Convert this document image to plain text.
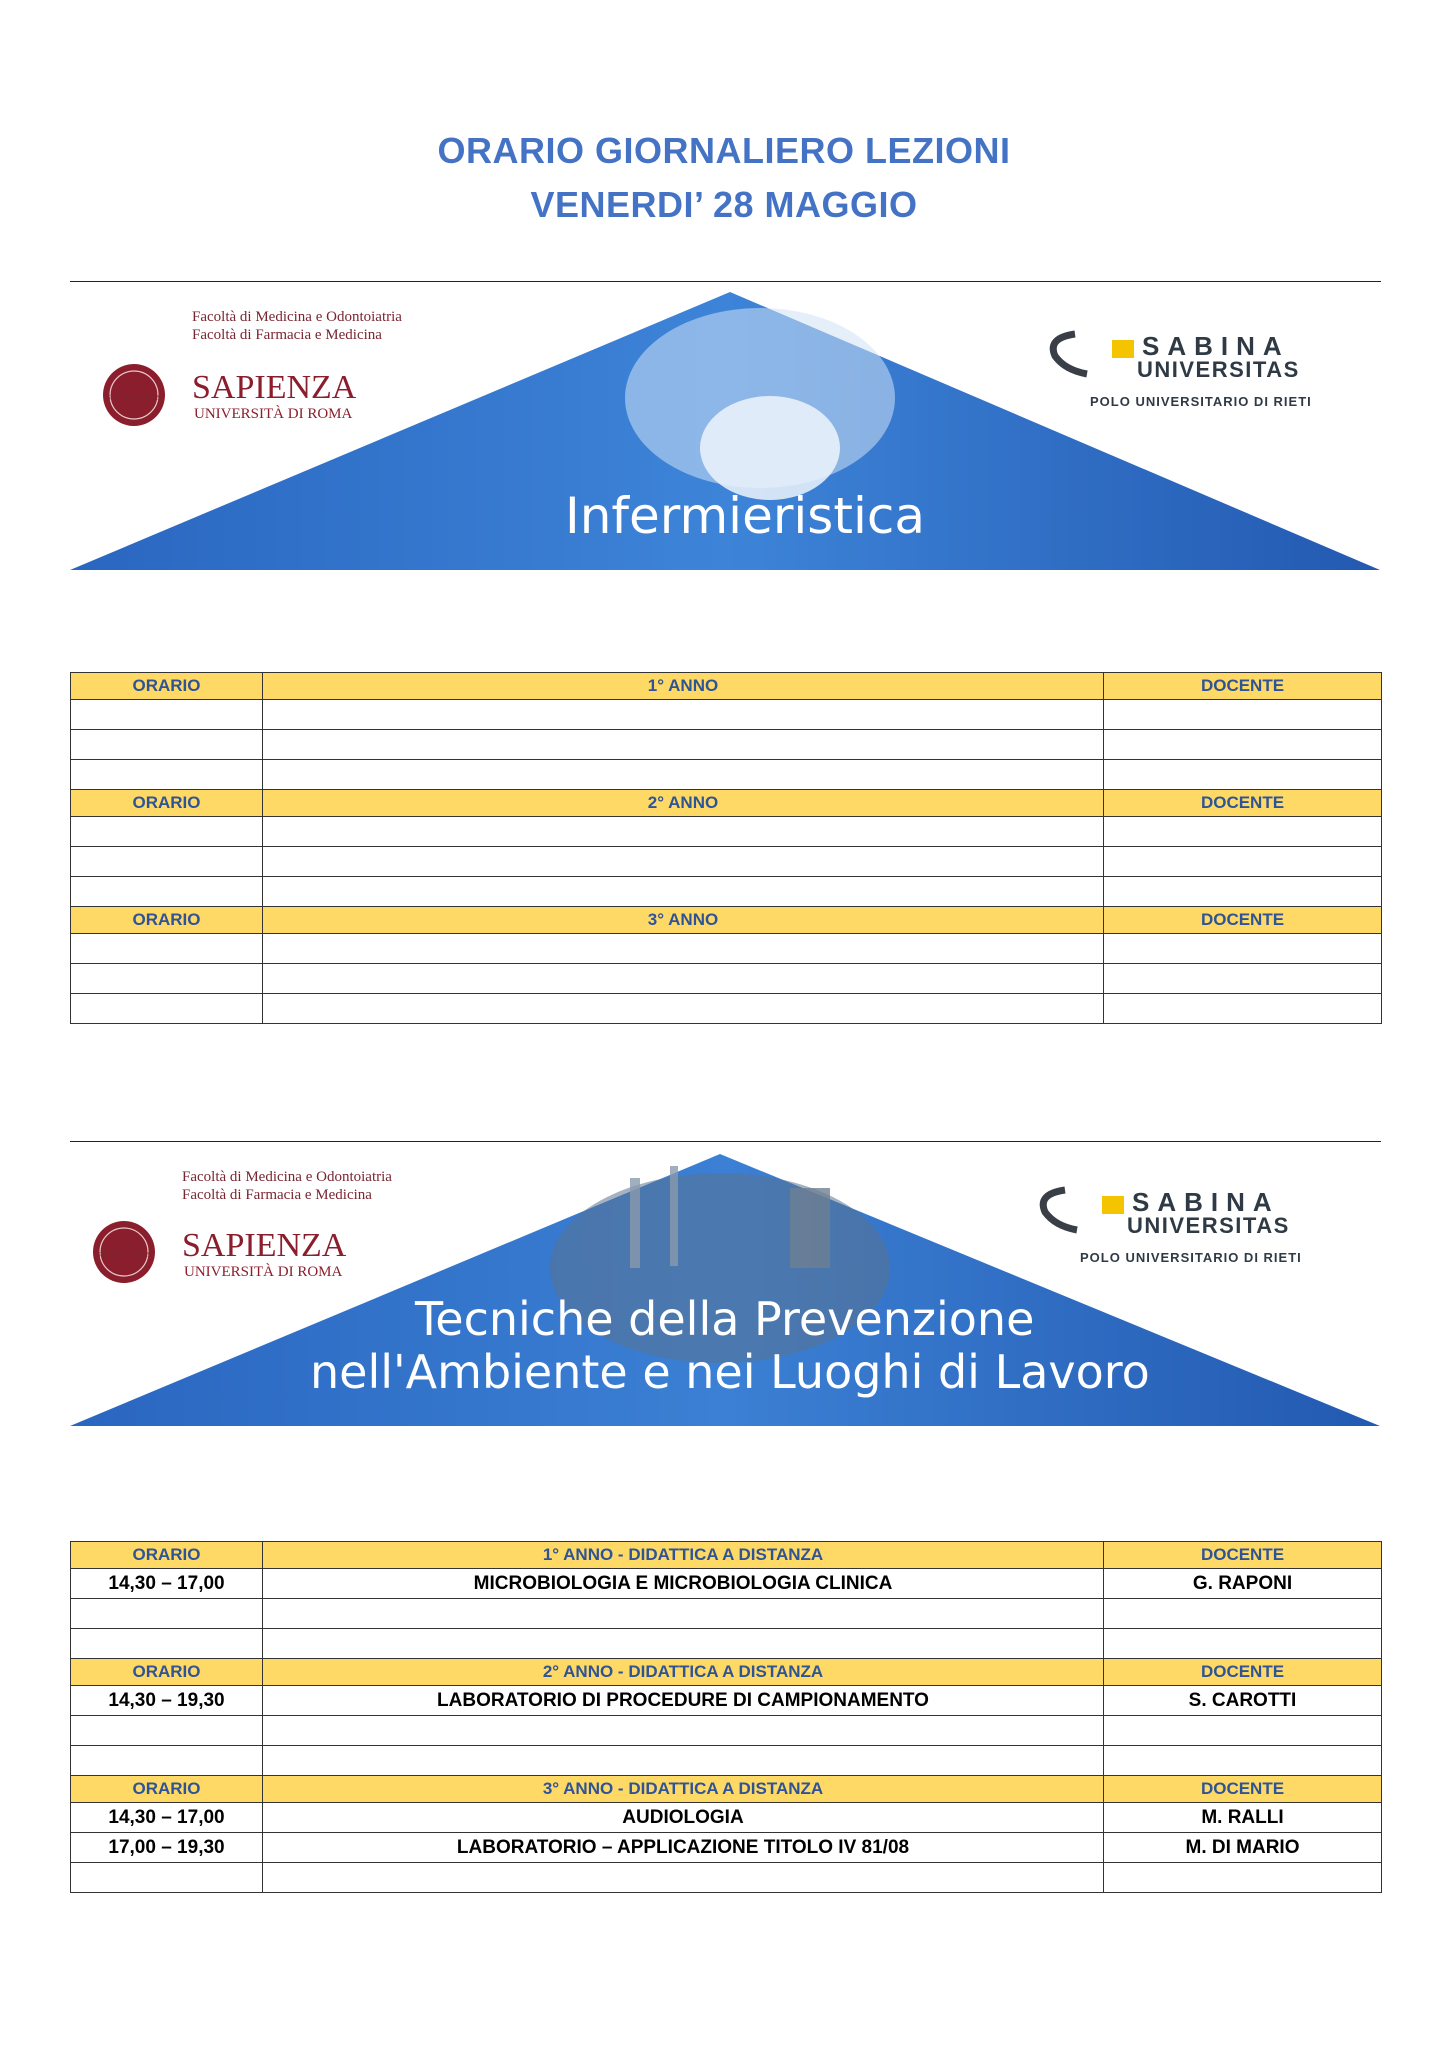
ORARIO GIORNALIERO LEZIONI
VENERDI’ 28 MAGGIO
Infermieristica
Facoltà di Medicina e Odontoiatria
Facoltà di Farmacia e Medicina
STVDIVM VRBIS SAPIENZA
UNIVERSITÀ DI ROMA
SABINA
UNIVERSITAS
POLO UNIVERSITARIO DI RIETI
ORARIO	1° ANNO	DOCENTE

ORARIO	2° ANNO	DOCENTE

ORARIO	3° ANNO	DOCENTE

Tecniche della Prevenzione
nell'Ambiente e nei Luoghi di Lavoro
Facoltà di Medicina e Odontoiatria
Facoltà di Farmacia e Medicina
STVDIVM VRBIS SAPIENZA
UNIVERSITÀ DI ROMA
SABINA
UNIVERSITAS
POLO UNIVERSITARIO DI RIETI
ORARIO	1° ANNO - DIDATTICA A DISTANZA	DOCENTE
14,30 – 17,00	MICROBIOLOGIA E MICROBIOLOGIA CLINICA	G. RAPONI

ORARIO	2° ANNO - DIDATTICA A DISTANZA	DOCENTE
14,30 – 19,30	LABORATORIO DI PROCEDURE DI CAMPIONAMENTO	S. CAROTTI

ORARIO	3° ANNO - DIDATTICA A DISTANZA	DOCENTE
14,30 – 17,00	AUDIOLOGIA	M. RALLI
17,00 – 19,30	LABORATORIO – APPLICAZIONE TITOLO IV 81/08	M. DI MARIO
